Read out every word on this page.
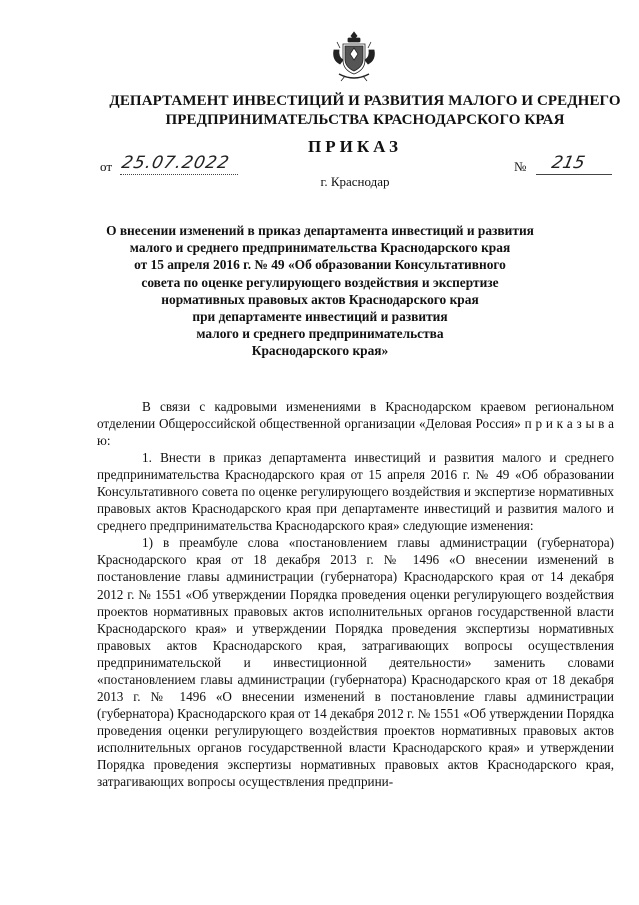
ДЕПАРТАМЕНТ ИНВЕСТИЦИЙ И РАЗВИТИЯ МАЛОГО И СРЕДНЕГО
ПРЕДПРИНИМАТЕЛЬСТВА КРАСНОДАРСКОГО КРАЯ
ПРИКАЗ
от 25.07.2022	№ 215
г. Краснодар
О внесении изменений в приказ департамента инвестиций и развития
малого и среднего предпринимательства Краснодарского края
от 15 апреля 2016 г. № 49 «Об образовании Консультативного
совета по оценке регулирующего воздействия и экспертизе
нормативных правовых актов Краснодарского края
при департаменте инвестиций и развития
малого и среднего предпринимательства
Краснодарского края»

В связи с кадровыми изменениями в Краснодарском краевом региональном отделении Общероссийской общественной организации «Деловая Россия» п р и к а з ы в а ю:

1. Внести в приказ департамента инвестиций и развития малого и среднего предпринимательства Краснодарского края от 15 апреля 2016 г. № 49 «Об образовании Консультативного совета по оценке регулирующего воздействия и экспертизе нормативных правовых актов Краснодарского края при департаменте инвестиций и развития малого и среднего предпринимательства Краснодарского края» следующие изменения:

1) в преамбуле слова «постановлением главы администрации (губернатора) Краснодарского края от 18 декабря 2013 г. № 1496 «О внесении изменений в постановление главы администрации (губернатора) Краснодарского края от 14 декабря 2012 г. № 1551 «Об утверждении Порядка проведения оценки регулирующего воздействия проектов нормативных правовых актов исполнительных органов государственной власти Краснодарского края» и утверждении Порядка проведения экспертизы нормативных правовых актов Краснодарского края, затрагивающих вопросы осуществления предпринимательской и инвестиционной деятельности» заменить словами «постановлением главы администрации (губернатора) Краснодарского края от 18 декабря 2013 г. № 1496 «О внесении изменений в постановление главы администрации (губернатора) Краснодарского края от 14 декабря 2012 г. № 1551 «Об утверждении Порядка проведения оценки регулирующего воздействия проектов нормативных правовых актов исполнительных органов государственной власти Краснодарского края» и утверждении Порядка проведения экспертизы нормативных правовых актов Краснодарского края, затрагивающих вопросы осуществления предприни-
